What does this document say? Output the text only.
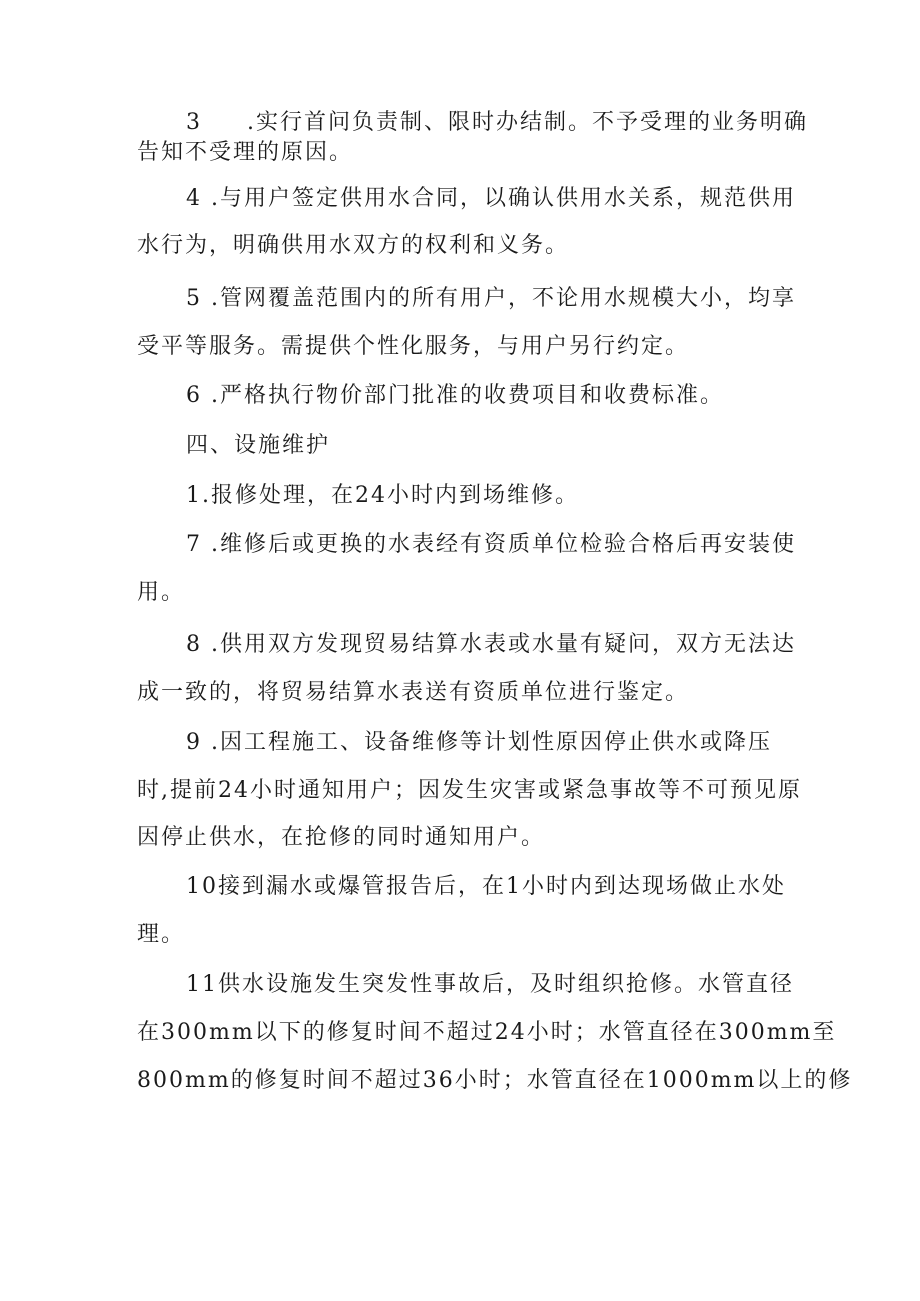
3     .实行首问负责制、限时办结制。不予受理的业务明确
告知不受理的原因。
4 .与用户签定供用水合同，以确认供用水关系，规范供用
水行为，明确供用水双方的权利和义务。
5 .管网覆盖范围内的所有用户，不论用水规模大小，均享
受平等服务。需提供个性化服务，与用户另行约定。
6 .严格执行物价部门批准的收费项目和收费标准。
四、设施维护
1.报修处理，在24小时内到场维修。
7 .维修后或更换的水表经有资质单位检验合格后再安装使
用。
8 .供用双方发现贸易结算水表或水量有疑问，双方无法达
成一致的，将贸易结算水表送有资质单位进行鉴定。
9 .因工程施工、设备维修等计划性原因停止供水或降压
时,提前24小时通知用户；因发生灾害或紧急事故等不可预见原
因停止供水，在抢修的同时通知用户。
10接到漏水或爆管报告后，在1小时内到达现场做止水处
理。
11供水设施发生突发性事故后，及时组织抢修。水管直径
在300mm以下的修复时间不超过24小时；水管直径在300mm至
800mm的修复时间不超过36小时；水管直径在1000mm以上的修
